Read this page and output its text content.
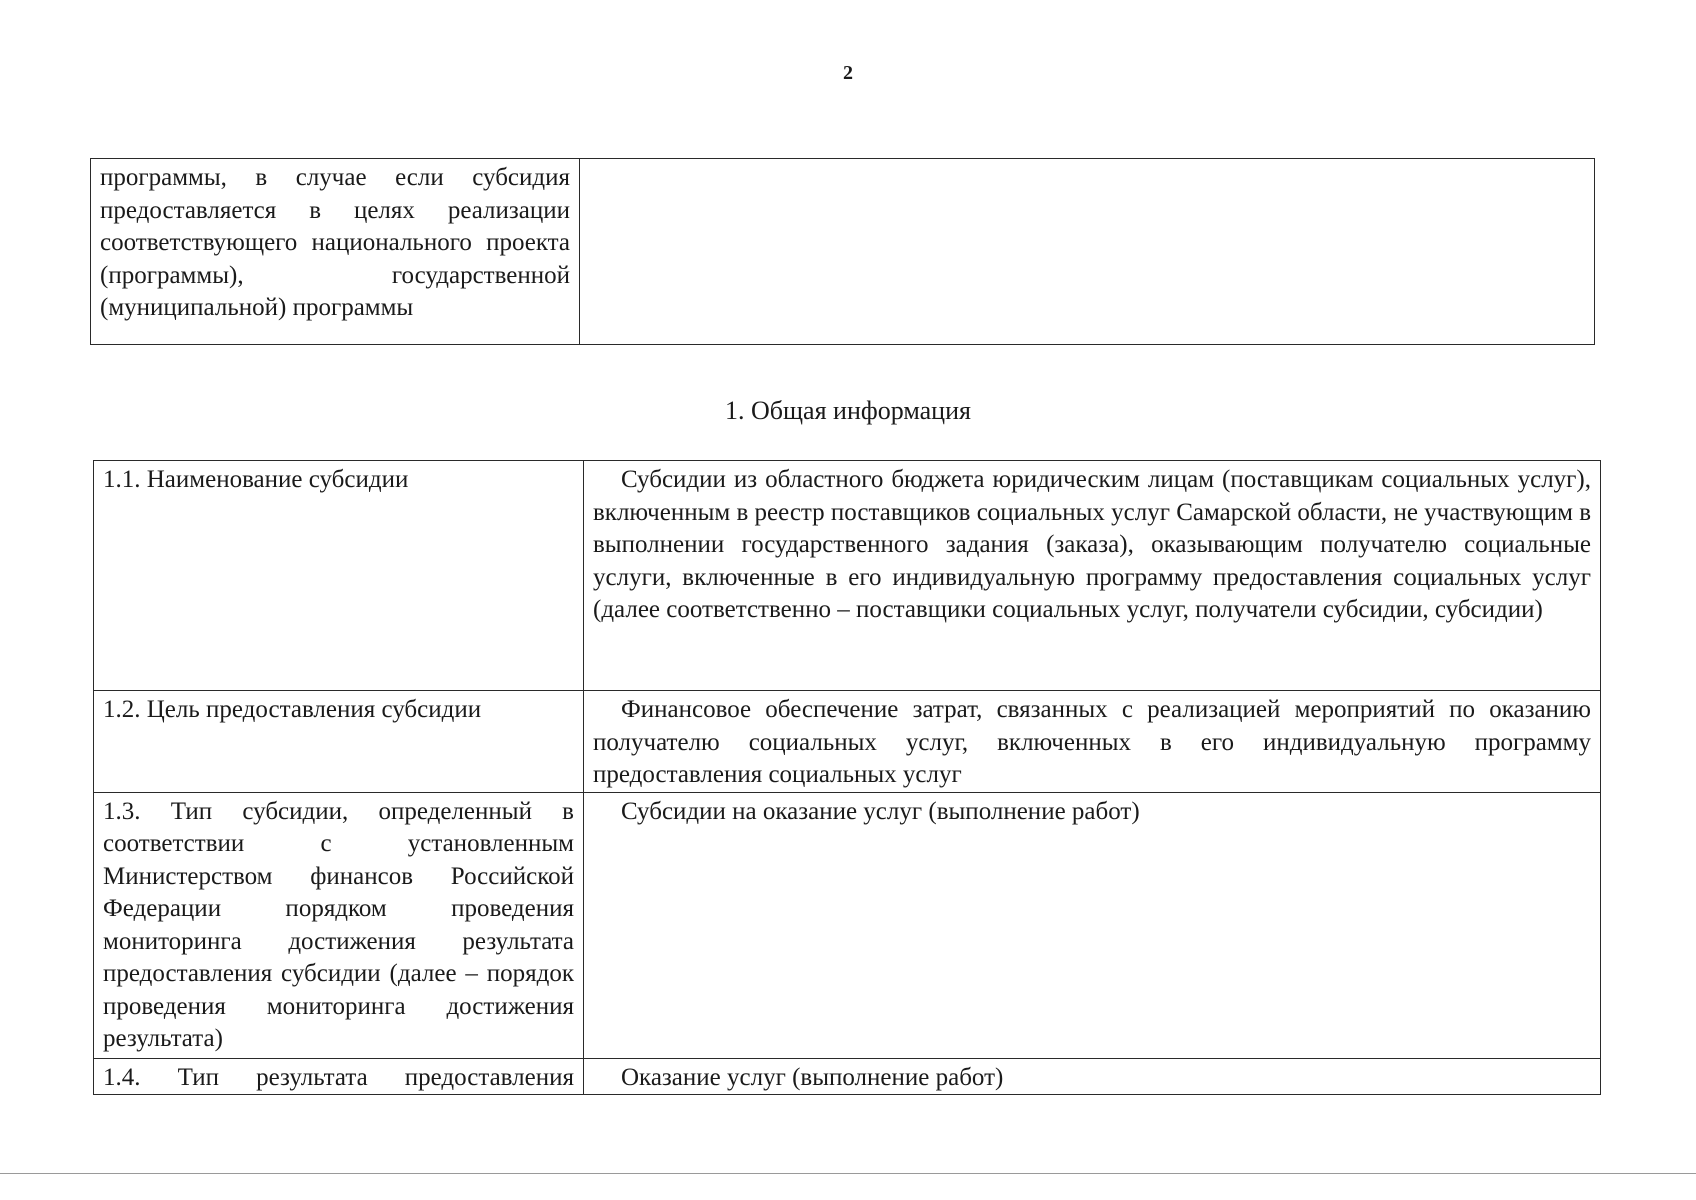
2
программы, в случае если субсидия предоставляется в целях реализации соответствующего национального проекта (программы), государственной (муниципальной) программы	
1. Общая информация
1.1. Наименование субсидии	Субсидии из областного бюджета юридическим лицам (поставщикам социальных услуг), включенным в реестр поставщиков социальных услуг Самарской области, не участвующим в выполнении государственного задания (заказа), оказывающим получателю социальные услуги, включенные в его индивидуальную программу предоставления социальных услуг (далее соответственно – поставщики социальных услуг, получатели субсидии, субсидии)
1.2. Цель предоставления субсидии	Финансовое обеспечение затрат, связанных с реализацией мероприятий по оказанию получателю социальных услуг, включенных в его индивидуальную программу предоставления социальных услуг
1.3. Тип субсидии, определенный в соответствии с установленным Министерством финансов Российской Федерации порядком проведения мониторинга достижения результата предоставления субсидии (далее – порядок проведения мониторинга достижения результата)	Субсидии на оказание услуг (выполнение работ)
1.4. Тип результата предоставления	Оказание услуг (выполнение работ)
